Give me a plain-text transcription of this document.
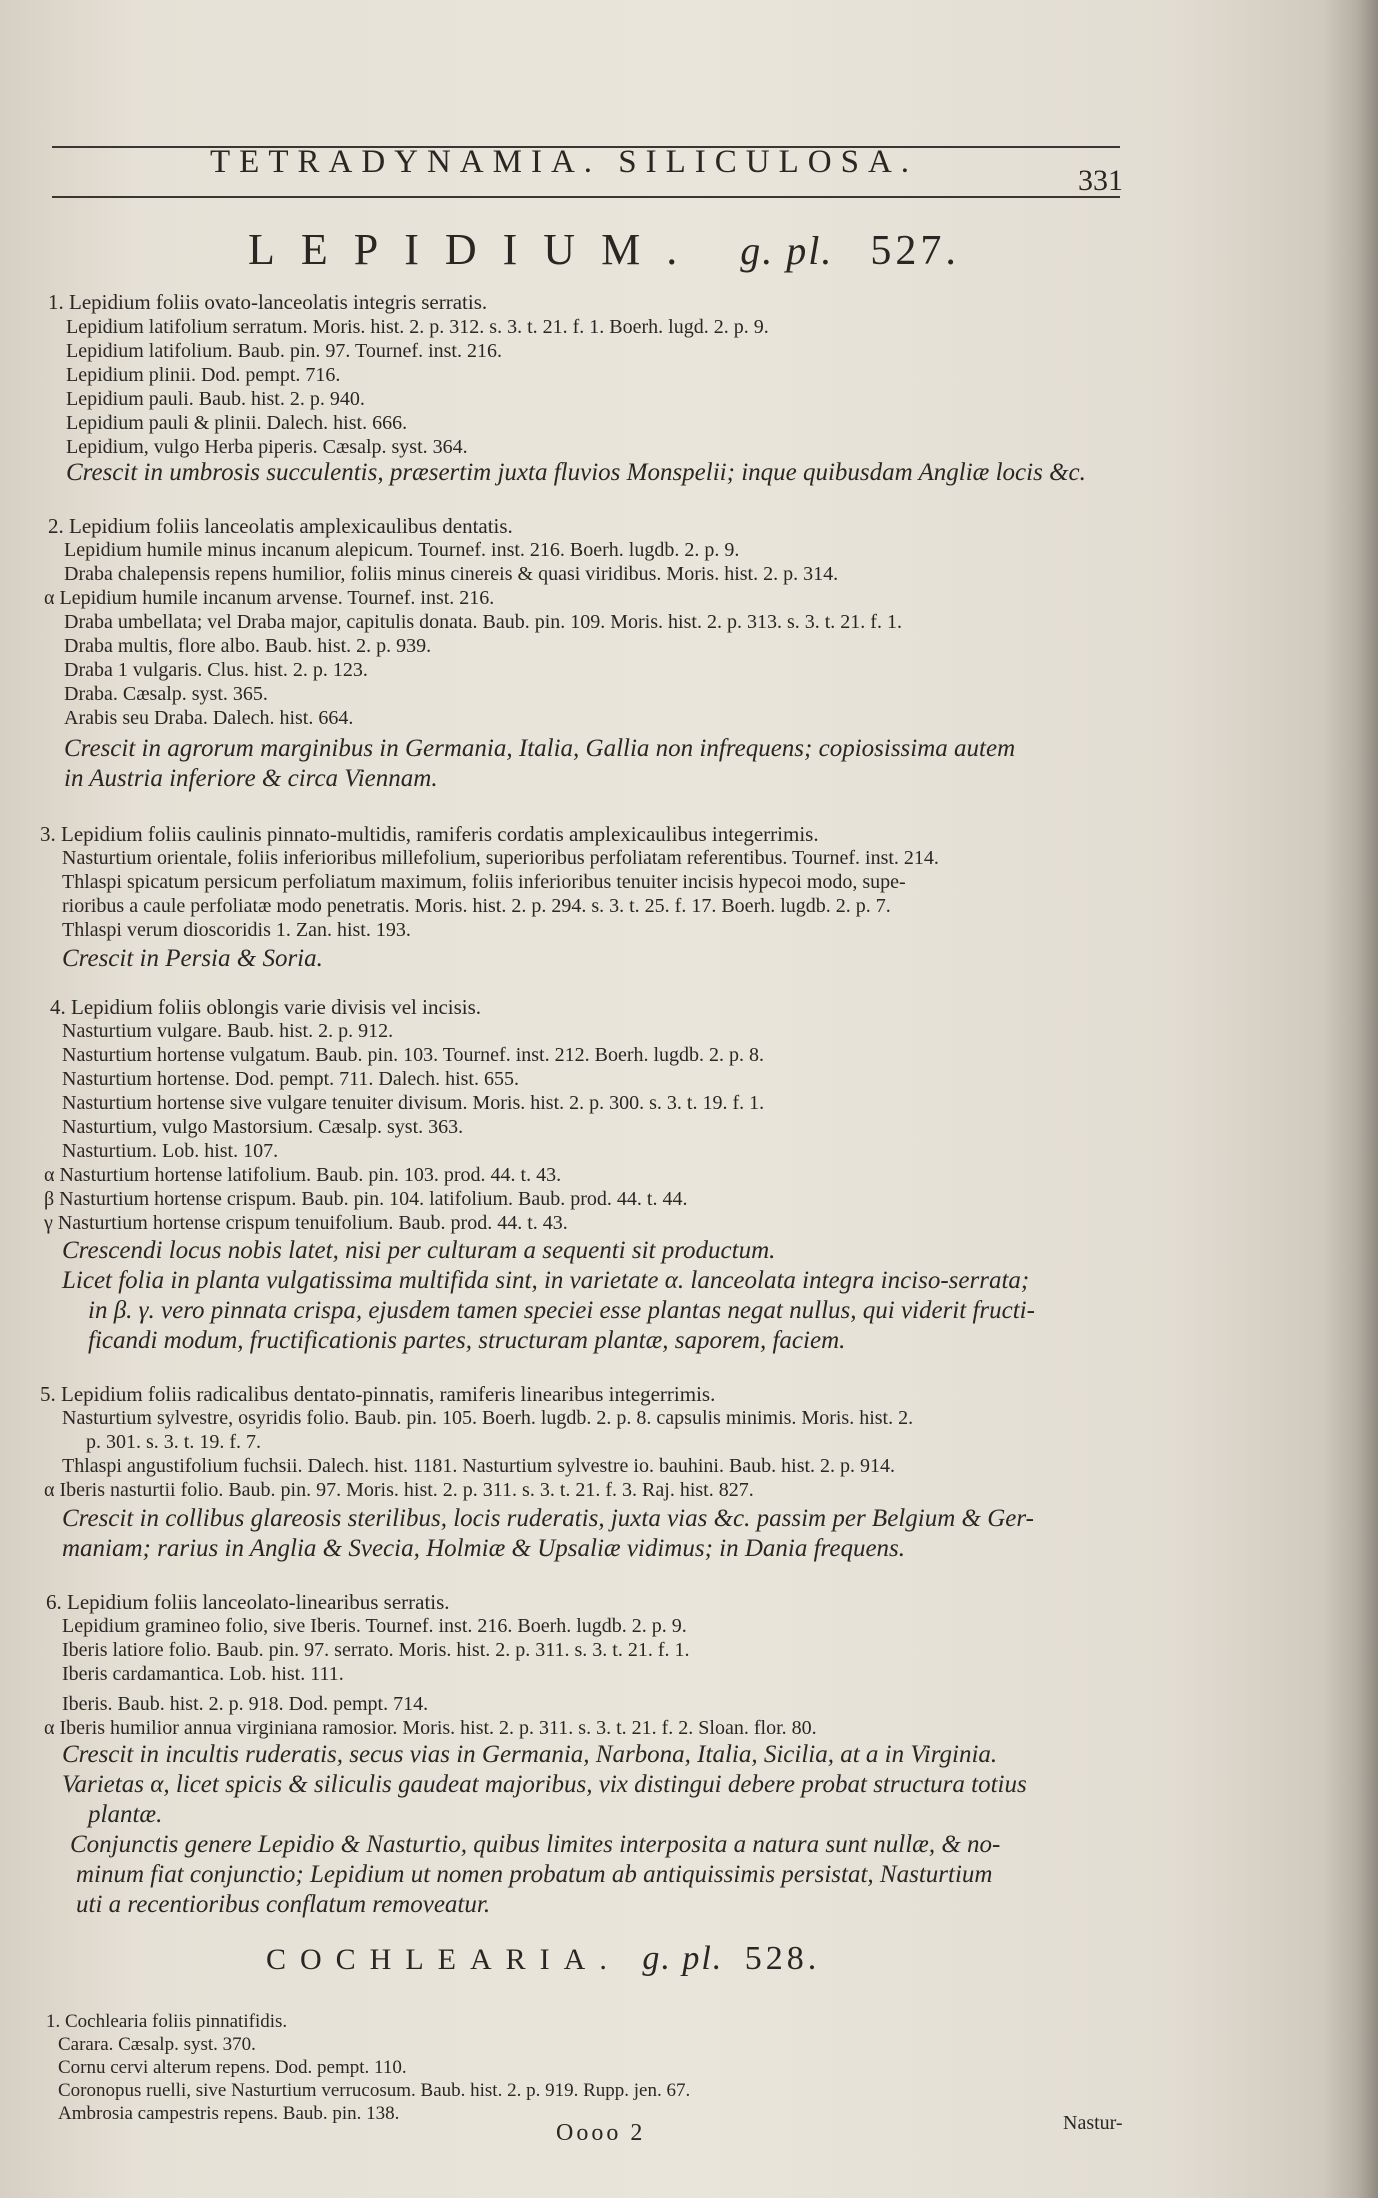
TETRADYNAMIA. SILICULOSA.
331
LEPIDIUM. g. pl. 527.
1. Lepidium foliis ovato-lanceolatis integris serratis.
Lepidium latifolium serratum. Moris. hist. 2. p. 312. s. 3. t. 21. f. 1. Boerh. lugd. 2. p. 9.
Lepidium latifolium. Baub. pin. 97. Tournef. inst. 216.
Lepidium plinii. Dod. pempt. 716.
Lepidium pauli. Baub. hist. 2. p. 940.
Lepidium pauli & plinii. Dalech. hist. 666.
Lepidium, vulgo Herba piperis. Cæsalp. syst. 364.
Crescit in umbrosis succulentis, præsertim juxta fluvios Monspelii; inque quibusdam Angliæ locis &c.
2. Lepidium foliis lanceolatis amplexicaulibus dentatis.
Lepidium humile minus incanum alepicum. Tournef. inst. 216. Boerh. lugdb. 2. p. 9.
Draba chalepensis repens humilior, foliis minus cinereis & quasi viridibus. Moris. hist. 2. p. 314.
α Lepidium humile incanum arvense. Tournef. inst. 216.
Draba umbellata; vel Draba major, capitulis donata. Baub. pin. 109. Moris. hist. 2. p. 313. s. 3. t. 21. f. 1.
Draba multis, flore albo. Baub. hist. 2. p. 939.
Draba 1 vulgaris. Clus. hist. 2. p. 123.
Draba. Cæsalp. syst. 365.
Arabis seu Draba. Dalech. hist. 664.
Crescit in agrorum marginibus in Germania, Italia, Gallia non infrequens; copiosissima autem
in Austria inferiore & circa Viennam.
3. Lepidium foliis caulinis pinnato-multidis, ramiferis cordatis amplexicaulibus integerrimis.
Nasturtium orientale, foliis inferioribus millefolium, superioribus perfoliatam referentibus. Tournef. inst. 214.
Thlaspi spicatum persicum perfoliatum maximum, foliis inferioribus tenuiter incisis hypecoi modo, supe-
rioribus a caule perfoliatæ modo penetratis. Moris. hist. 2. p. 294. s. 3. t. 25. f. 17. Boerh. lugdb. 2. p. 7.
Thlaspi verum dioscoridis 1. Zan. hist. 193.
Crescit in Persia & Soria.
4. Lepidium foliis oblongis varie divisis vel incisis.
Nasturtium vulgare. Baub. hist. 2. p. 912.
Nasturtium hortense vulgatum. Baub. pin. 103. Tournef. inst. 212. Boerh. lugdb. 2. p. 8.
Nasturtium hortense. Dod. pempt. 711. Dalech. hist. 655.
Nasturtium hortense sive vulgare tenuiter divisum. Moris. hist. 2. p. 300. s. 3. t. 19. f. 1.
Nasturtium, vulgo Mastorsium. Cæsalp. syst. 363.
Nasturtium. Lob. hist. 107.
α Nasturtium hortense latifolium. Baub. pin. 103. prod. 44. t. 43.
β Nasturtium hortense crispum. Baub. pin. 104. latifolium. Baub. prod. 44. t. 44.
γ Nasturtium hortense crispum tenuifolium. Baub. prod. 44. t. 43.
Crescendi locus nobis latet, nisi per culturam a sequenti sit productum.
Licet folia in planta vulgatissima multifida sint, in varietate α. lanceolata integra inciso-serrata;
in β. γ. vero pinnata crispa, ejusdem tamen speciei esse plantas negat nullus, qui viderit fructi-
ficandi modum, fructificationis partes, structuram plantæ, saporem, faciem.
5. Lepidium foliis radicalibus dentato-pinnatis, ramiferis linearibus integerrimis.
Nasturtium sylvestre, osyridis folio. Baub. pin. 105. Boerh. lugdb. 2. p. 8. capsulis minimis. Moris. hist. 2.
p. 301. s. 3. t. 19. f. 7.
Thlaspi angustifolium fuchsii. Dalech. hist. 1181. Nasturtium sylvestre io. bauhini. Baub. hist. 2. p. 914.
α Iberis nasturtii folio. Baub. pin. 97. Moris. hist. 2. p. 311. s. 3. t. 21. f. 3. Raj. hist. 827.
Crescit in collibus glareosis sterilibus, locis ruderatis, juxta vias &c. passim per Belgium & Ger-
maniam; rarius in Anglia & Svecia, Holmiæ & Upsaliæ vidimus; in Dania frequens.
6. Lepidium foliis lanceolato-linearibus serratis.
Lepidium gramineo folio, sive Iberis. Tournef. inst. 216. Boerh. lugdb. 2. p. 9.
Iberis latiore folio. Baub. pin. 97. serrato. Moris. hist. 2. p. 311. s. 3. t. 21. f. 1.
Iberis cardamantica. Lob. hist. 111.
Iberis. Baub. hist. 2. p. 918. Dod. pempt. 714.
α Iberis humilior annua virginiana ramosior. Moris. hist. 2. p. 311. s. 3. t. 21. f. 2. Sloan. flor. 80.
Crescit in incultis ruderatis, secus vias in Germania, Narbona, Italia, Sicilia, at a in Virginia.
Varietas α, licet spicis & siliculis gaudeat majoribus, vix distingui debere probat structura totius
plantæ.
Conjunctis genere Lepidio & Nasturtio, quibus limites interposita a natura sunt nullæ, & no-
minum fiat conjunctio; Lepidium ut nomen probatum ab antiquissimis persistat, Nasturtium
uti a recentioribus conflatum removeatur.
COCHLEARIA. g. pl. 528.
1. Cochlearia foliis pinnatifidis.
Carara. Cæsalp. syst. 370.
Cornu cervi alterum repens. Dod. pempt. 110.
Coronopus ruelli, sive Nasturtium verrucosum. Baub. hist. 2. p. 919. Rupp. jen. 67.
Ambrosia campestris repens. Baub. pin. 138.
Oooo 2	Nastur-
